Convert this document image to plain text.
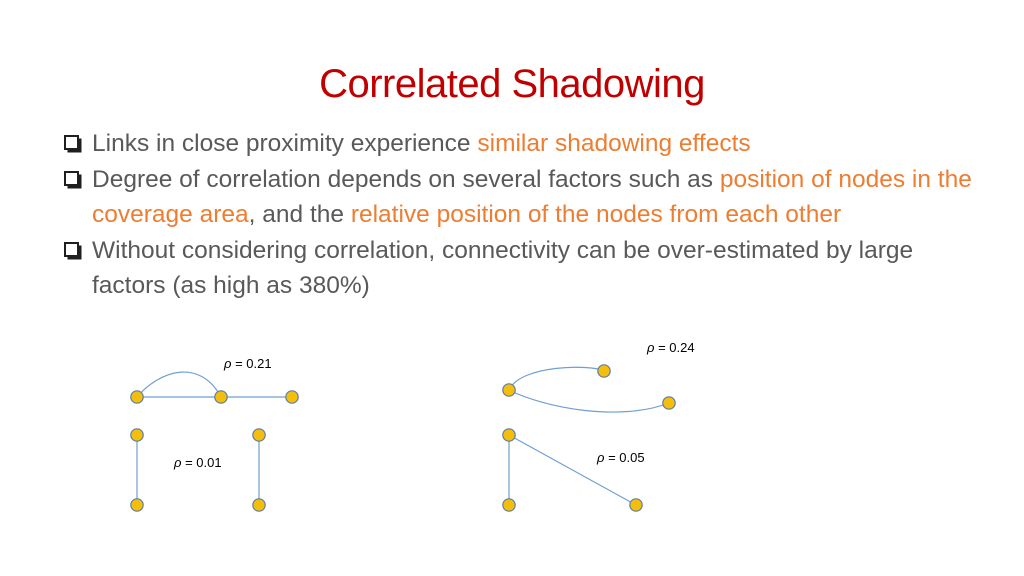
Correlated Shadowing
Links in close proximity experience similar shadowing effects
Degree of correlation depends on several factors such as position of nodes in the coverage area, and the relative position of the nodes from each other
Without considering correlation, connectivity can be over-estimated by large factors (as high as 380%)
ρ = 0.21
ρ = 0.01
ρ = 0.24
ρ = 0.05
